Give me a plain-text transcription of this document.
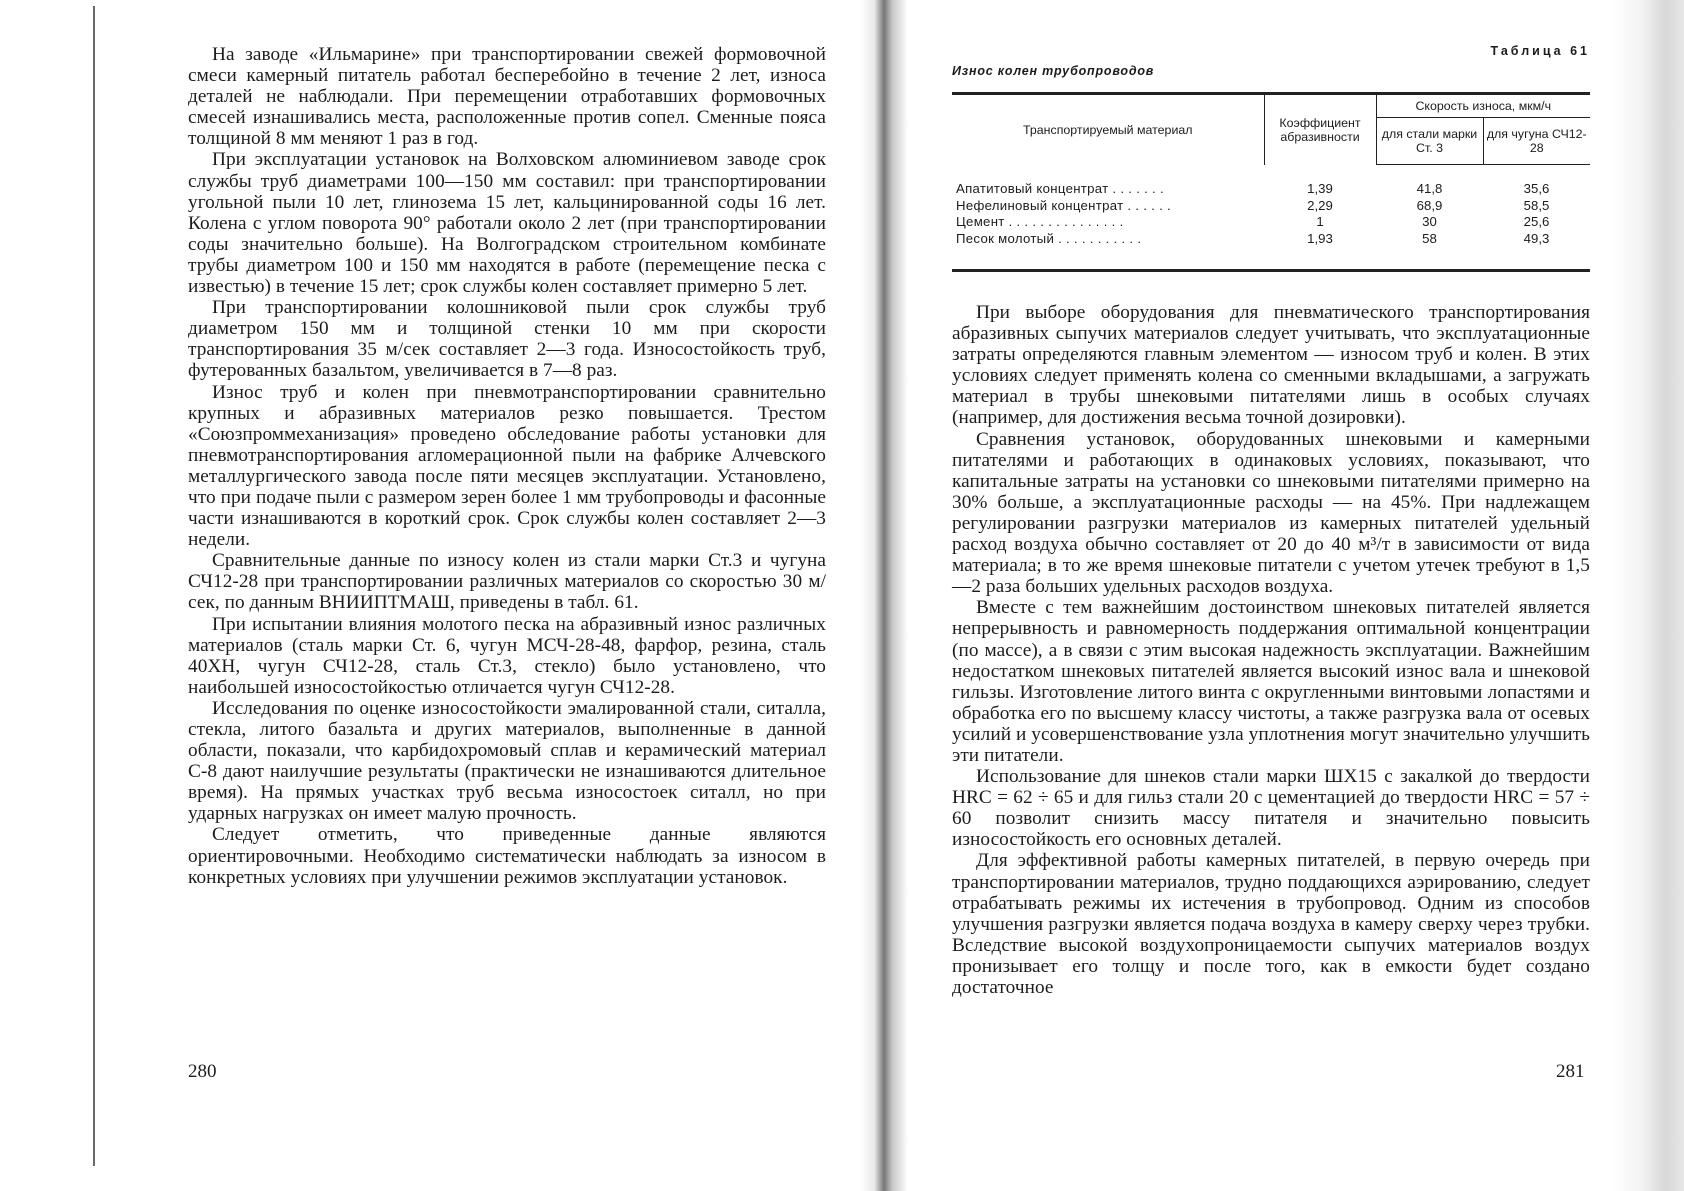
На заводе «Ильмарине» при транспортировании свежей формовочной смеси камерный питатель работал бесперебойно в течение 2 лет, износа деталей не наблюдали. При перемещении отработавших формовочных смесей изнашивались места, расположенные против сопел. Сменные пояса толщиной 8 мм меняют 1 раз в год.

При эксплуатации установок на Волховском алюминиевом заводе срок службы труб диаметрами 100—150 мм составил: при транспортировании угольной пыли 10 лет, глинозема 15 лет, кальцинированной соды 16 лет. Колена с углом поворота 90° работали около 2 лет (при транспортировании соды значительно больше). На Волгоградском строительном комбинате трубы диаметром 100 и 150 мм находятся в работе (перемещение песка с известью) в течение 15 лет; срок службы колен составляет примерно 5 лет.

При транспортировании колошниковой пыли срок службы труб диаметром 150 мм и толщиной стенки 10 мм при скорости транспортирования 35 м/сек составляет 2—3 года. Износостойкость труб, футерованных базальтом, увеличивается в 7—8 раз.

Износ труб и колен при пневмотранспортировании сравнительно крупных и абразивных материалов резко повышается. Трестом «Союзпроммеханизация» проведено обследование работы установки для пневмотранспортирования агломерационной пыли на фабрике Алчевского металлургического завода после пяти месяцев эксплуатации. Установлено, что при подаче пыли с размером зерен более 1 мм трубопроводы и фасонные части изнашиваются в короткий срок. Срок службы колен составляет 2—3 недели.

Сравнительные данные по износу колен из стали марки Ст.3 и чугуна СЧ12-28 при транспортировании различных материалов со скоростью 30 м/сек, по данным ВНИИПТМАШ, приведены в табл. 61.

При испытании влияния молотого песка на абразивный износ различных материалов (сталь марки Ст. 6, чугун МСЧ-28-48, фарфор, резина, сталь 40ХН, чугун СЧ12-28, сталь Ст.3, стекло) было установлено, что наибольшей износостойкостью отличается чугун СЧ12-28.

Исследования по оценке износостойкости эмалированной стали, ситалла, стекла, литого базальта и других материалов, выполненные в данной области, показали, что карбидохромовый сплав и керамический материал С-8 дают наилучшие результаты (практически не изнашиваются длительное время). На прямых участках труб весьма износостоек ситалл, но при ударных нагрузках он имеет малую прочность.

Следует отметить, что приведенные данные являются ориентировочными. Необходимо систематически наблюдать за износом в конкретных условиях при улучшении режимов эксплуатации установок.

280
Таблица 61
Износ колен трубопроводов
Транспортируемый материал	Коэффициент абразивности	Скорость износа, мкм/ч	
		для стали марки Ст. 3	для чугуна СЧ12-28
Апатитовый концентрат . . . . . . .	1,39	41,8	35,6
Нефелиновый концентрат . . . . . .	2,29	68,9	58,5
Цемент . . . . . . . . . . . . . . .	1	30	25,6
Песок молотый . . . . . . . . . . .	1,93	58	49,3

При выборе оборудования для пневматического транспортирования абразивных сыпучих материалов следует учитывать, что эксплуатационные затраты определяются главным элементом — износом труб и колен. В этих условиях следует применять колена со сменными вкладышами, а загружать материал в трубы шнековыми питателями лишь в особых случаях (например, для достижения весьма точной дозировки).

Сравнения установок, оборудованных шнековыми и камерными питателями и работающих в одинаковых условиях, показывают, что капитальные затраты на установки со шнековыми питателями примерно на 30% больше, а эксплуатационные расходы — на 45%. При надлежащем регулировании разгрузки материалов из камерных питателей удельный расход воздуха обычно составляет от 20 до 40 м³/т в зависимости от вида материала; в то же время шнековые питатели с учетом утечек требуют в 1,5—2 раза больших удельных расходов воздуха.

Вместе с тем важнейшим достоинством шнековых питателей является непрерывность и равномерность поддержания оптимальной концентрации (по массе), а в связи с этим высокая надежность эксплуатации. Важнейшим недостатком шнековых питателей является высокий износ вала и шнековой гильзы. Изготовление литого винта с округленными винтовыми лопастями и обработка его по высшему классу чистоты, а также разгрузка вала от осевых усилий и усовершенствование узла уплотнения могут значительно улучшить эти питатели.

Использование для шнеков стали марки ШХ15 с закалкой до твердости HRC = 62 ÷ 65 и для гильз стали 20 с цементацией до твердости HRC = 57 ÷ 60 позволит снизить массу питателя и значительно повысить износостойкость его основных деталей.

Для эффективной работы камерных питателей, в первую очередь при транспортировании материалов, трудно поддающихся аэрированию, следует отрабатывать режимы их истечения в трубопровод. Одним из способов улучшения разгрузки является подача воздуха в камеру сверху через трубки. Вследствие высокой воздухопроницаемости сыпучих материалов воздух пронизывает его толщу и после того, как в емкости будет создано достаточное

281
